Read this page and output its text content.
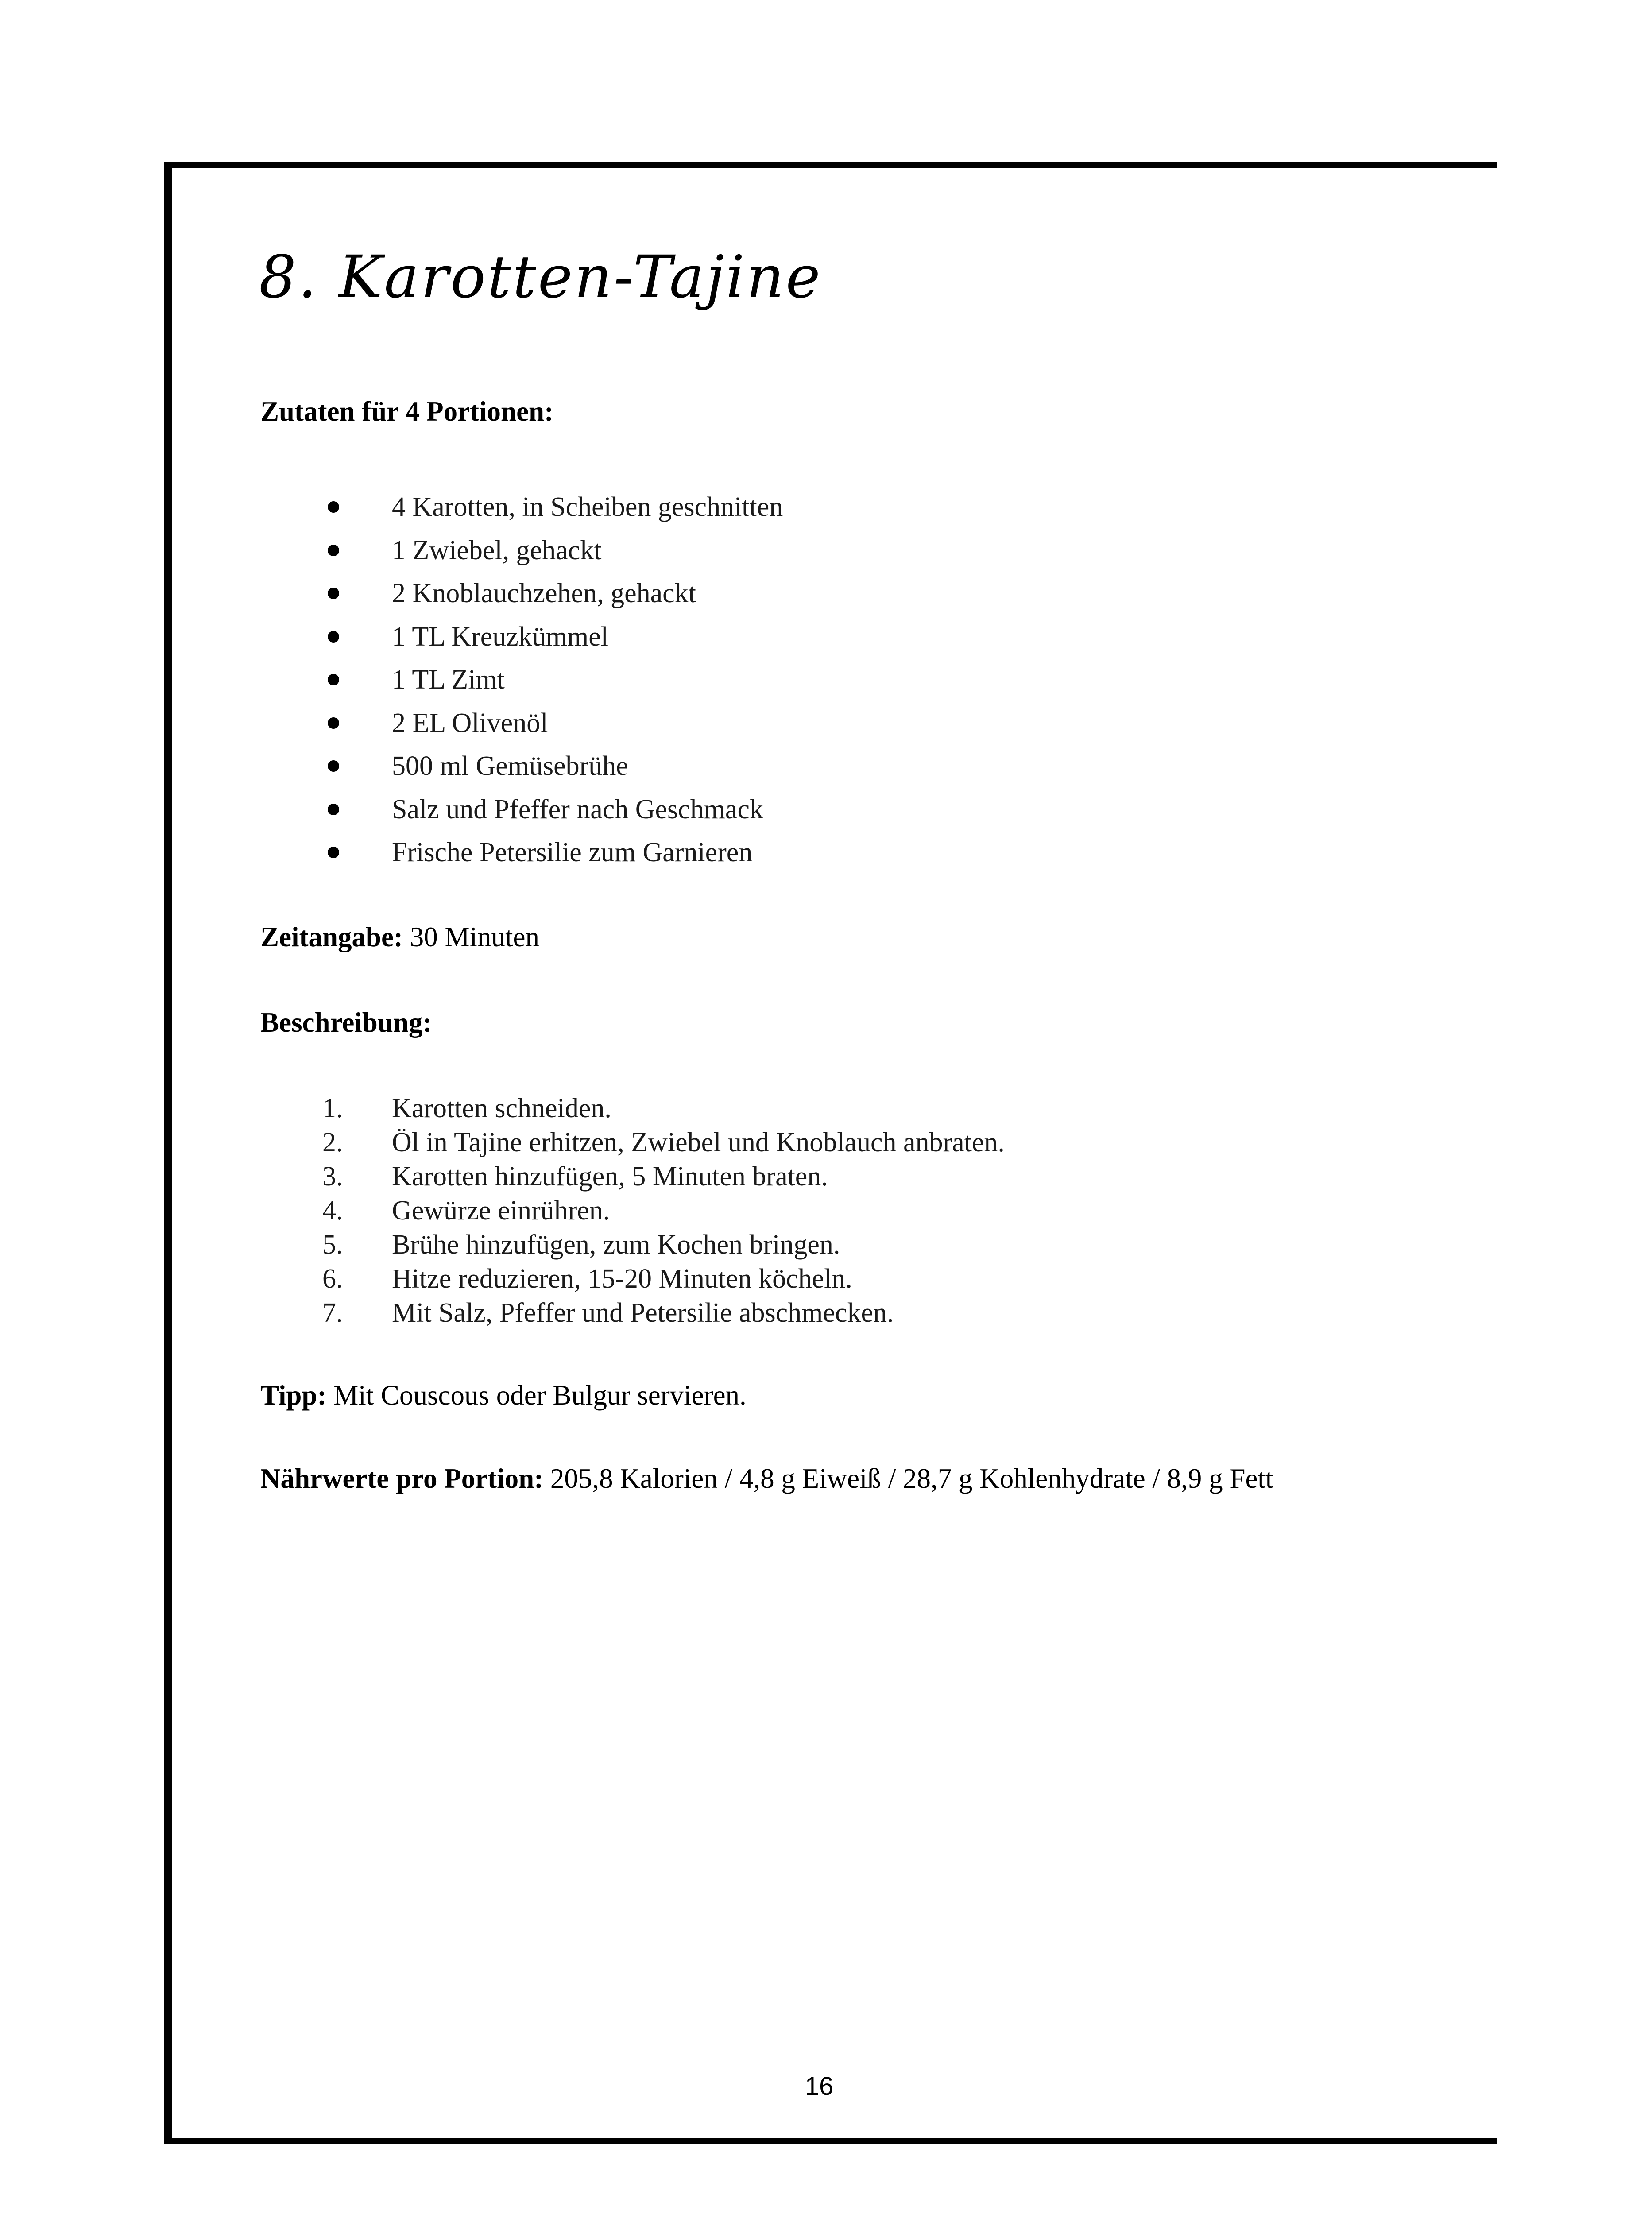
8. Karotten-Tajine
Zutaten für 4 Portionen:
4 Karotten, in Scheiben geschnitten
1 Zwiebel, gehackt
2 Knoblauchzehen, gehackt
1 TL Kreuzkümmel
1 TL Zimt
2 EL Olivenöl
500 ml Gemüsebrühe
Salz und Pfeffer nach Geschmack
Frische Petersilie zum Garnieren
Zeitangabe: 30 Minuten
Beschreibung:
1. Karotten schneiden.
2. Öl in Tajine erhitzen, Zwiebel und Knoblauch anbraten.
3. Karotten hinzufügen, 5 Minuten braten.
4. Gewürze einrühren.
5. Brühe hinzufügen, zum Kochen bringen.
6. Hitze reduzieren, 15-20 Minuten köcheln.
7. Mit Salz, Pfeffer und Petersilie abschmecken.
Tipp: Mit Couscous oder Bulgur servieren.
Nährwerte pro Portion: 205,8 Kalorien / 4,8 g Eiweiß / 28,7 g Kohlenhydrate / 8,9 g Fett
16
